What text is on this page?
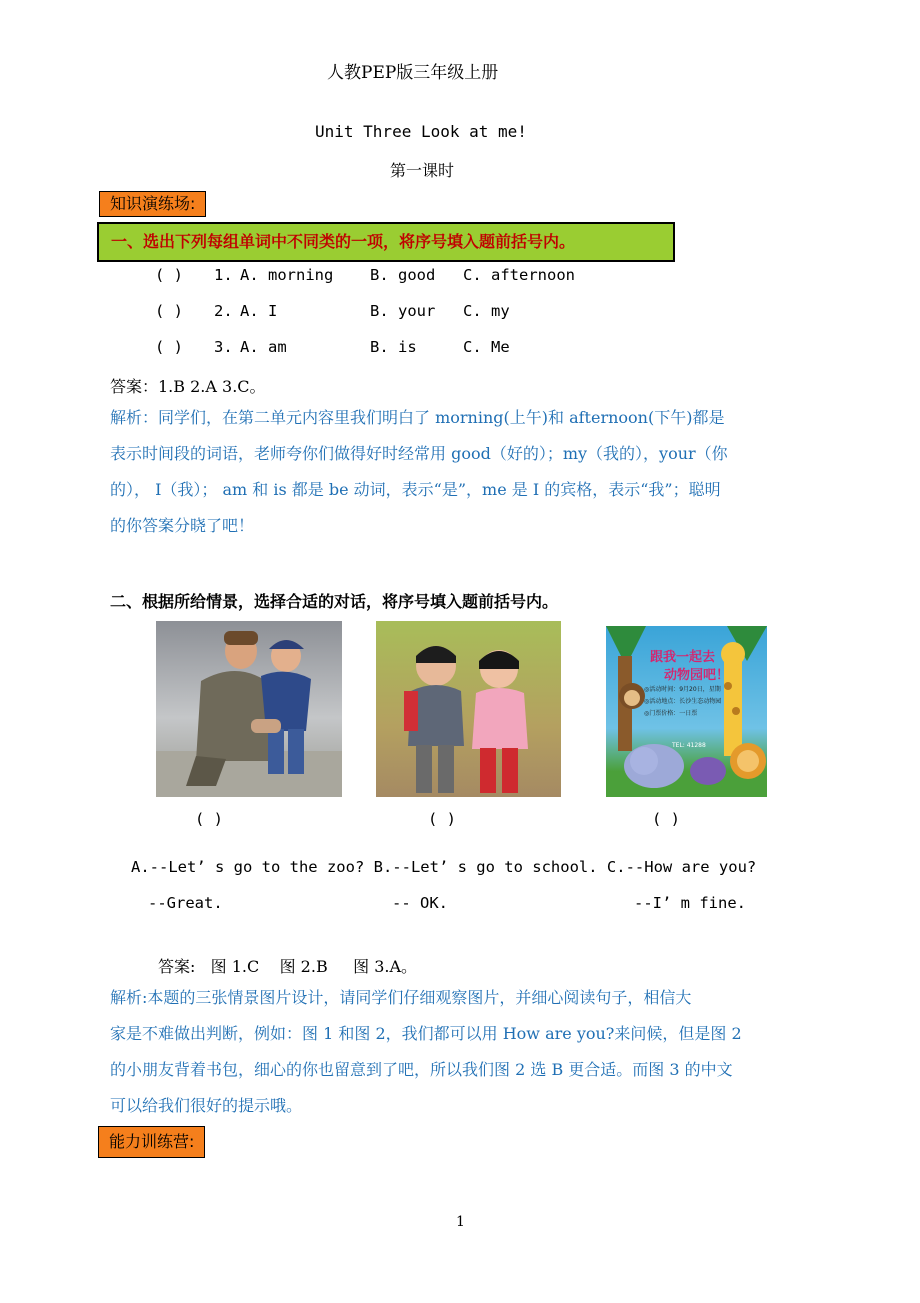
人教PEP版三年级上册
Unit Three Look at me!
第一课时
知识演练场:
一、选出下列每组单词中不同类的一项，将序号填入题前括号内。
( ) 1. A. morning B. good C. afternoon
( ) 2. A. I	B. your C. my
( ) 3. A. am	B. is	C. Me
答案：1.B 2.A 3.C。
解析：同学们，在第二单元内容里我们明白了 morning(上午)和 afternoon(下午)都是
表示时间段的词语，老师夸你们做得好时经常用 good（好的）；my（我的），your（你
的）， I（我）； am 和 is 都是 be 动词，表示“是”，me 是 I 的宾格，表示“我”；聪明
的你答案分晓了吧！
二、根据所给情景，选择合适的对话，将序号填入题前括号内。
( )	( )
跟我一起去
动物园吧！
◎活动时间：9月20日，星期
◎活动地点：长沙生态动物园
◎门票价格：一日票
TEL: 41288
( )
A.--Let’ s go to the zoo? B.--Let’ s go to school. C.--How are you?
--Great.	-- OK.	--I’ m fine.
答案:   图 1.C    图 2.B     图 3.A。
解析:本题的三张情景图片设计，请同学们仔细观察图片，并细心阅读句子，相信大
家是不难做出判断，例如：图 1 和图 2，我们都可以用 How are you?来问候，但是图 2
的小朋友背着书包，细心的你也留意到了吧，所以我们图 2 选 B 更合适。而图 3 的中文
可以给我们很好的提示哦。
能力训练营:
1
